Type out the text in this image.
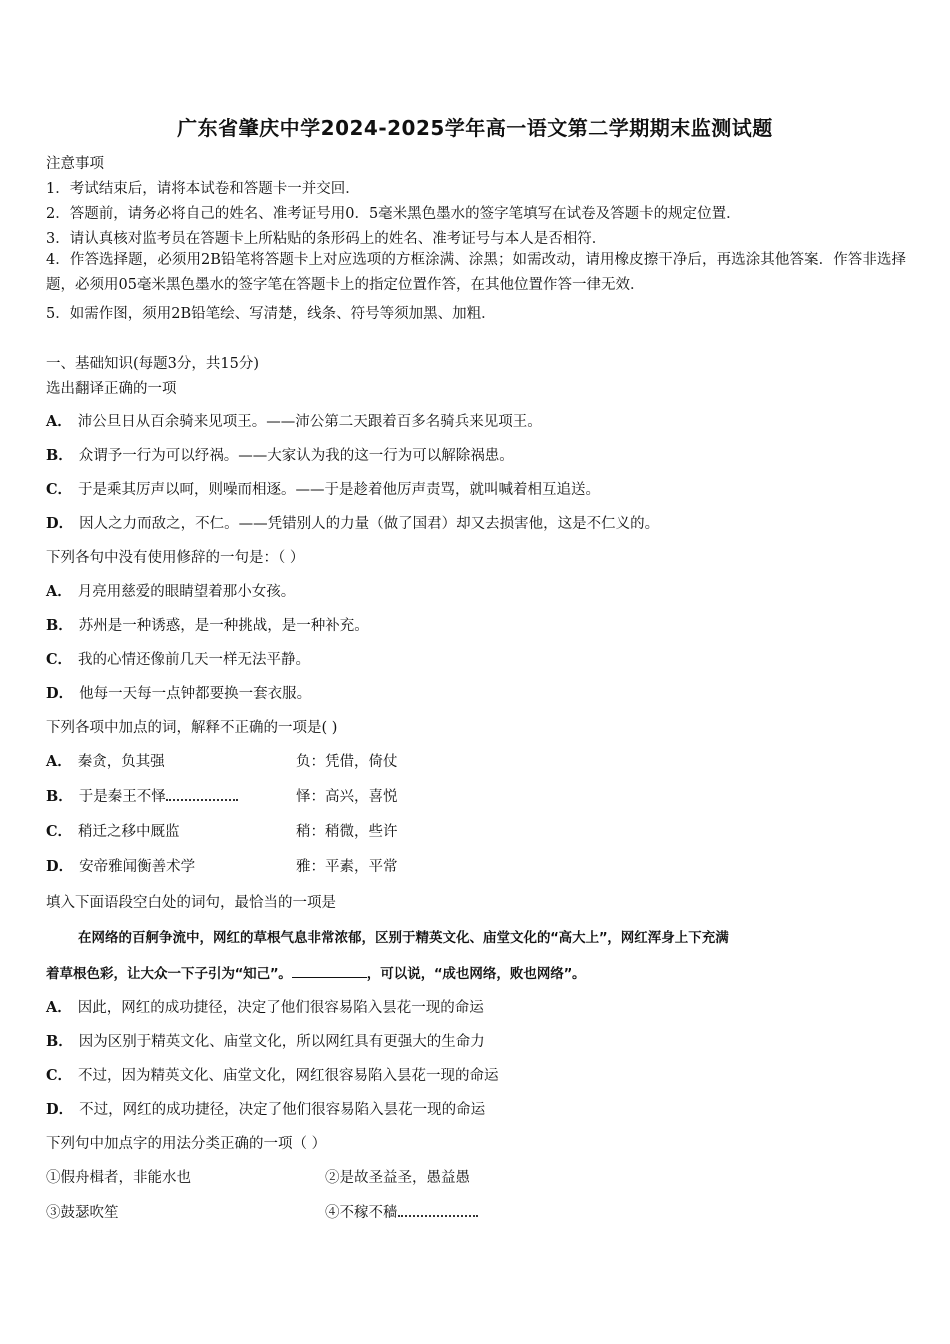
广东省肇庆中学2024-2025学年高一语文第二学期期末监测试题
注意事项
1．考试结束后，请将本试卷和答题卡一并交回．
2．答题前，请务必将自己的姓名、准考证号用0．5毫米黑色墨水的签字笔填写在试卷及答题卡的规定位置．
3．请认真核对监考员在答题卡上所粘贴的条形码上的姓名、准考证号与本人是否相符．
4．作答选择题，必须用2B铅笔将答题卡上对应选项的方框涂满、涂黑；如需改动，请用橡皮擦干净后，再选涂其他答案．作答非选择题，必须用05毫米黑色墨水的签字笔在答题卡上的指定位置作答，在其他位置作答一律无效．
5．如需作图，须用2B铅笔绘、写清楚，线条、符号等须加黑、加粗．
一、基础知识(每题3分，共15分)
选出翻译正确的一项
A． 沛公旦日从百余骑来见项王。——沛公第二天跟着百多名骑兵来见项王。
B． 众谓予一行为可以纾祸。——大家认为我的这一行为可以解除祸患。
C． 于是乘其厉声以呵，则噪而相逐。——于是趁着他厉声责骂，就叫喊着相互追送。
D． 因人之力而敌之，不仁。——凭错别人的力量（做了国君）却又去损害他，这是不仁义的。
下列各句中没有使用修辞的一句是：（ ）
A． 月亮用慈爱的眼睛望着那小女孩。
B． 苏州是一种诱惑，是一种挑战，是一种补充。
C． 我的心情还像前几天一样无法平静。
D． 他每一天每一点钟都要换一套衣服。
下列各项中加点的词，解释不正确的一项是( )
A． 秦贪，负其强	负：凭借，倚仗
B． 于是秦王不怿	怿：高兴，喜悦
C． 稍迁之移中厩监	稍：稍微，些许
D． 安帝雅闻衡善术学	雅：平素，平常
填入下面语段空白处的词句，最恰当的一项是
在网络的百舸争流中，网红的草根气息非常浓郁，区别于精英文化、庙堂文化的“高大上”，网红浑身上下充满
着草根色彩，让大众一下子引为“知己”。	，可以说，“成也网络，败也网络”。
A． 因此，网红的成功捷径，决定了他们很容易陷入昙花一现的命运
B． 因为区别于精英文化、庙堂文化，所以网红具有更强大的生命力
C． 不过，因为精英文化、庙堂文化，网红很容易陷入昙花一现的命运
D． 不过，网红的成功捷径，决定了他们很容易陷入昙花一现的命运
下列句中加点字的用法分类正确的一项（ ）
①假舟楫者，非能水也	②是故圣益圣，愚益愚
③鼓瑟吹笙	④不稼不穑
